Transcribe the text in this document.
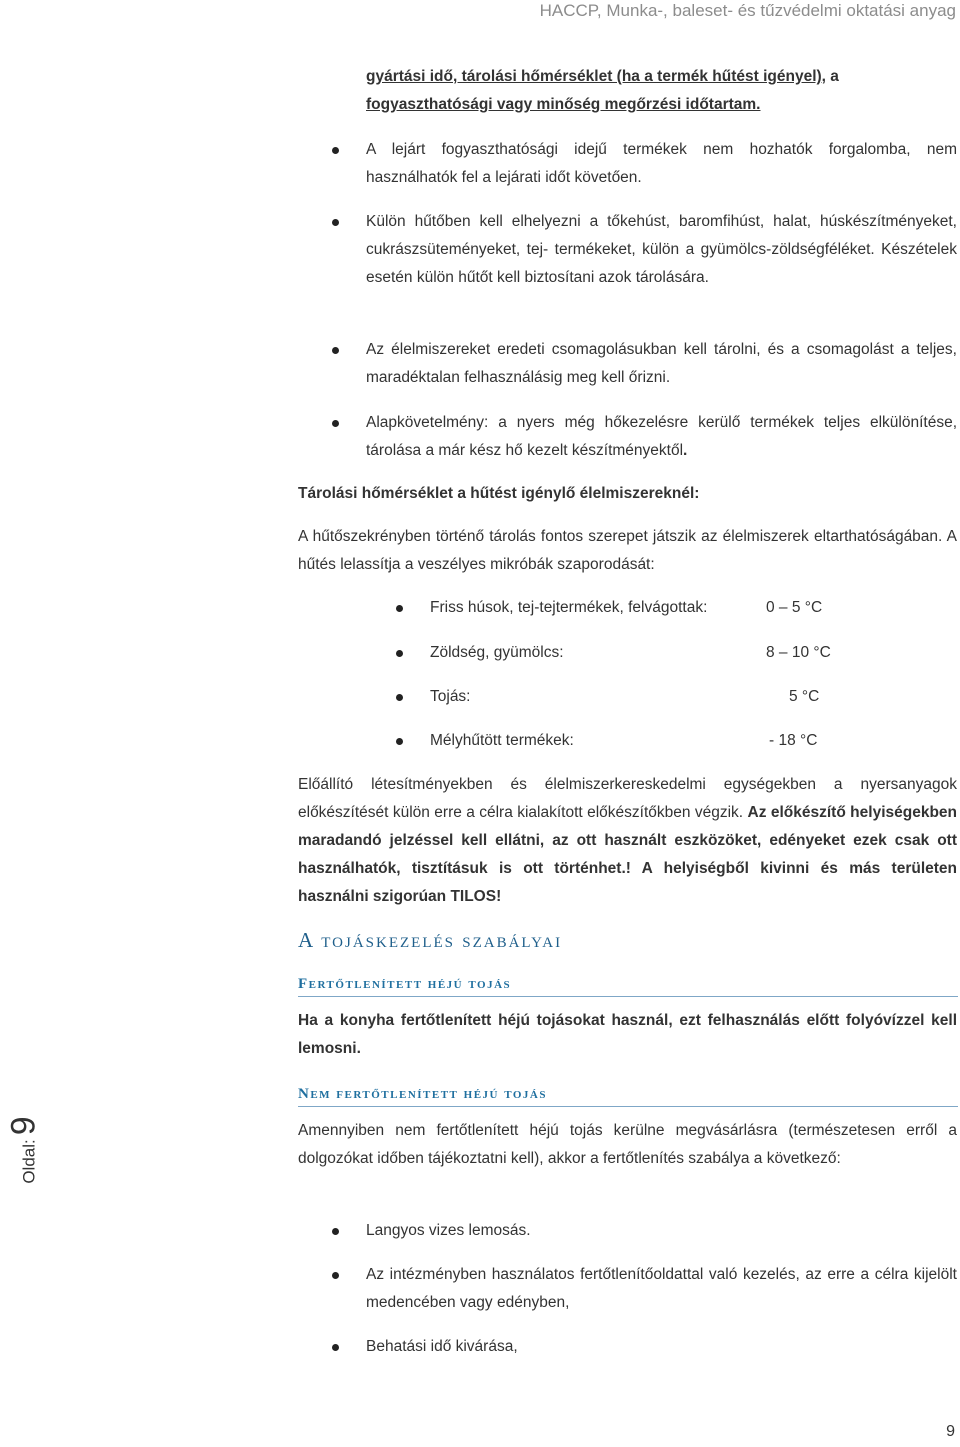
HACCP, Munka-, baleset- és tűzvédelmi oktatási anyag
gyártási idő, tárolási hőmérséklet (ha a termék hűtést igényel), a
fogyaszthatósági vagy minőség megőrzési időtartam.
A lejárt fogyaszthatósági idejű termékek nem hozhatók forgalomba, nem használhatók fel a lejárati időt követően.
Külön hűtőben kell elhelyezni a tőkehúst, baromfihúst, halat, húskészítményeket, cukrászsüteményeket, tej- termékeket, külön a gyümölcs-zöldségféléket. Készételek esetén külön hűtőt kell biztosítani azok tárolására.
Az élelmiszereket eredeti csomagolásukban kell tárolni, és a csomagolást a teljes, maradéktalan felhasználásig meg kell őrizni.
Alapkövetelmény: a nyers még hőkezelésre kerülő termékek teljes elkülönítése, tárolása a már kész hő kezelt készítményektől.
Tárolási hőmérséklet a hűtést igénylő élelmiszereknél:
A hűtőszekrényben történő tárolás fontos szerepet játszik az élelmiszerek eltarthatóságában. A hűtés lelassítja a veszélyes mikróbák szaporodását:
Friss húsok, tej-tejtermékek, felvágottak:	0 – 5 °C
Zöldség, gyümölcs:	8 – 10 °C
Tojás:	5 °C
Mélyhűtött termékek:	- 18 °C
Előállító létesítményekben és élelmiszerkereskedelmi egységekben a nyersanyagok előkészítését külön erre a célra kialakított előkészítőkben végzik. Az előkészítő helyiségekben maradandó jelzéssel kell ellátni, az ott használt eszközöket, edényeket ezek csak ott használhatók, tisztításuk is ott történhet.! A helyiségből kivinni és más területen használni szigorúan TILOS!
A tojáskezelés szabályai
Fertőtlenített héjú tojás
Ha a konyha fertőtlenített héjú tojásokat használ, ezt felhasználás előtt folyóvízzel kell lemosni.
Nem fertőtlenített héjú tojás
Amennyiben nem fertőtlenített héjú tojás kerülne megvásárlásra (természetesen erről a dolgozókat időben tájékoztatni kell), akkor a fertőtlenítés szabálya a következő:
Langyos vizes lemosás.
Az intézményben használatos fertőtlenítőoldattal való kezelés, az erre a célra kijelölt medencében vagy edényben,
Behatási idő kivárása,
Oldal:9
9
